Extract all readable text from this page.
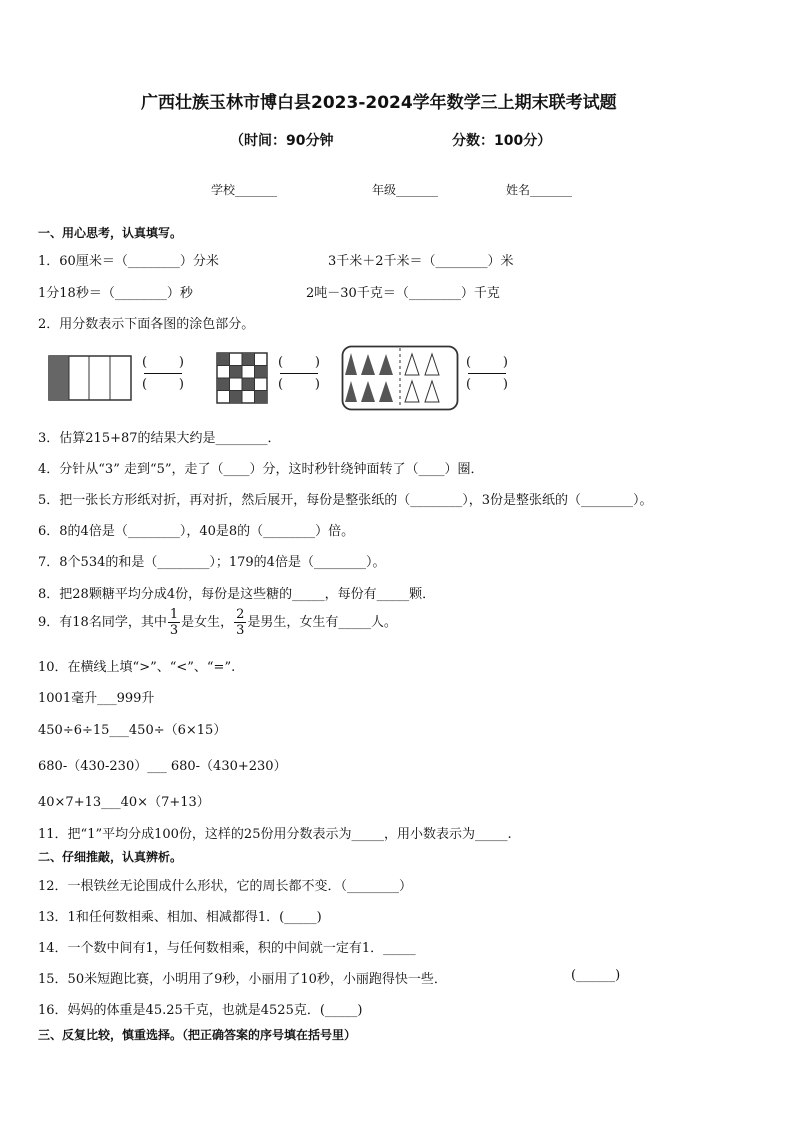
广西壮族玉林市博白县2023-2024学年数学三上期末联考试题
（时间：90分钟	分数：100分）
学校_______	年级_______	姓名_______
一、用心思考，认真填写。
1．60厘米＝（________）分米	3千米＋2千米＝（________）米
1分18秒＝（________）秒	2吨－30千克＝（________）千克
2．用分数表示下面各图的涂色部分。
( )
( )
( )
( )
( )
( )
3．估算215+87的结果大约是________．
4．分针从“3” 走到“5”，走了（____）分，这时秒针绕钟面转了（____）圈．
5．把一张长方形纸对折，再对折，然后展开，每份是整张纸的（________），3份是整张纸的（________）。
6．8的4倍是（________），40是8的（________）倍。
7．8个534的和是（________）；179的4倍是（________）。
8．把28颗糖平均分成4份，每份是这些糖的_____，每份有_____颗．
9．有18名同学，其中 $\frac{1}{3}$ 是女生， $\frac{2}{3}$ 是男生，女生有_____人。
10．在横线上填“>”、“<”、“=”.
1001毫升___999升
450÷6÷15___450÷（6×15）
680-（430-230）___ 680-（430+230）
40×7+13___40×（7+13）
11．把“1”平均分成100份，这样的25份用分数表示为_____，用小数表示为_____.
二、仔细推敲，认真辨析。
12．一根铁丝无论围成什么形状，它的周长都不变．（________）
13．1和任何数相乘、相加、相减都得1．(_____)
14．一个数中间有1，与任何数相乘，积的中间就一定有1．_____
15．50米短跑比赛，小明用了9秒，小丽用了10秒，小丽跑得快一些．	(______)
16．妈妈的体重是45.25千克，也就是4525克．(_____)
三、反复比较，慎重选择。（把正确答案的序号填在括号里）
